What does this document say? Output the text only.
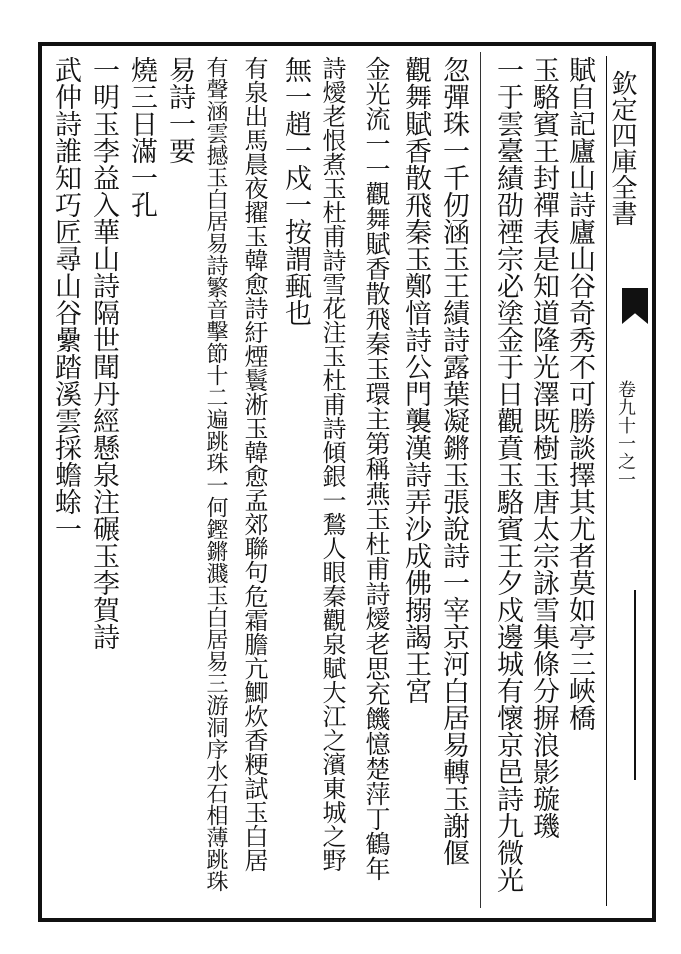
欽定四庫全書
卷九十一之一
賦自記廬山詩廬山谷奇秀不可勝談擇其尤者莫如亭三峽橋
玉駱賓王封禪表是知道隆光澤既樹玉唐太宗詠雪集條分摒浪影璇璣
一于雲臺績劭禋宗必塗金于日觀賁玉駱賓王夕戍邊城有懷京邑詩九微光
忽彈珠一千仞涵玉王績詩露葉凝鏘玉張說詩一宰京河白居易轉玉謝偃
觀舞賦香散飛秦玉鄭愔詩公門襲漢詩弄沙成佛搦謁王宮
金光流一一觀舞賦香散飛秦玉環主第稱燕玉杜甫詩燰老思充饑憶楚萍丁鶴年
詩燰老恨煮玉杜甫詩雪花注玉杜甫詩傾銀一鶖人眼秦觀泉賦大江之濱東城之野
無一趙一戍一按謂甀也
有泉出馬晨夜擢玉韓愈詩紆煙鬟淅玉韓愈孟郊聯句危霜膽亢鯽炊香粳試玉白居
有聲涵雲撼玉白居易詩繁音擊節十二遍跳珠一何鏗鏘濺玉白居易三游洞序水石相薄跳珠
易詩一要
燒三日滿一孔
一明玉李益入華山詩隔世聞丹經懸泉注碾玉李賀詩
武仲詩誰知巧匠尋山谷纍踏溪雲採蟾蜍一
